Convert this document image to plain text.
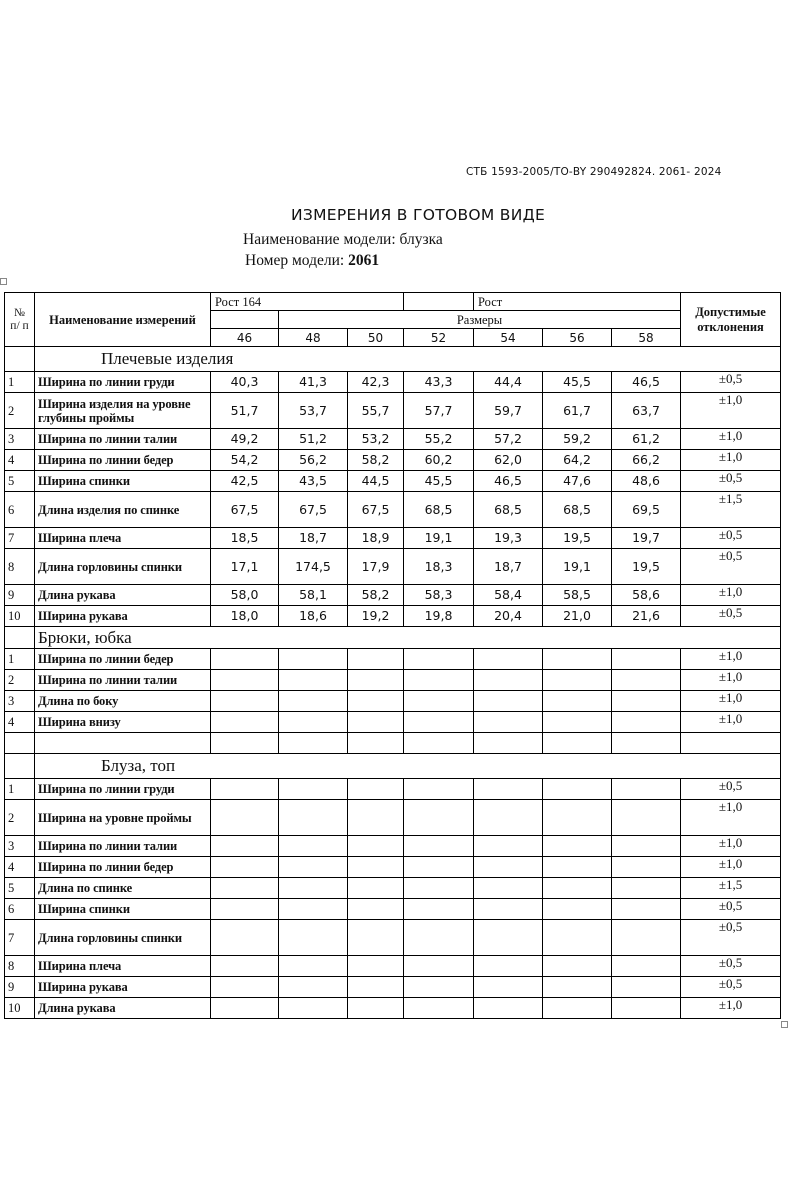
СТБ 1593-2005/ТО-BY 290492824. 2061- 2024
ИЗМЕРЕНИЯ В ГОТОВОМ ВИДЕ
Наименование модели: блузка
Номер модели: 2061
№ п/ п	Наименование измерений	Рост 164				Рост			Допустимые отклонения
			Размеры						
		46	48	50	52	54	56	58	
	Плечевые изделия								
1	Ширина по линии груди	40,3	41,3	42,3	43,3	44,4	45,5	46,5	±0,5
2	Ширина изделия на уровне глубины проймы	51,7	53,7	55,7	57,7	59,7	61,7	63,7	±1,0
3	Ширина по линии талии	49,2	51,2	53,2	55,2	57,2	59,2	61,2	±1,0
4	Ширина по линии бедер	54,2	56,2	58,2	60,2	62,0	64,2	66,2	±1,0
5	Ширина спинки	42,5	43,5	44,5	45,5	46,5	47,6	48,6	±0,5
6	Длина изделия по спинке	67,5	67,5	67,5	68,5	68,5	68,5	69,5	±1,5
7	Ширина плеча	18,5	18,7	18,9	19,1	19,3	19,5	19,7	±0,5
8	Длина горловины спинки	17,1	174,5	17,9	18,3	18,7	19,1	19,5	±0,5
9	Длина рукава	58,0	58,1	58,2	58,3	58,4	58,5	58,6	±1,0
10	Ширина рукава	18,0	18,6	19,2	19,8	20,4	21,0	21,6	±0,5
	Брюки, юбка								
1	Ширина по линии бедер								±1,0
2	Ширина по линии талии								±1,0
3	Длина по боку								±1,0
4	Ширина внизу								±1,0

	Блуза, топ								
1	Ширина по линии груди								±0,5
2	Ширина на уровне проймы								±1,0
3	Ширина по линии талии								±1,0
4	Ширина по линии бедер								±1,0
5	Длина по спинке								±1,5
6	Ширина спинки								±0,5
7	Длина горловины спинки								±0,5
8	Ширина плеча								±0,5
9	Ширина рукава								±0,5
10	Длина рукава								±1,0
